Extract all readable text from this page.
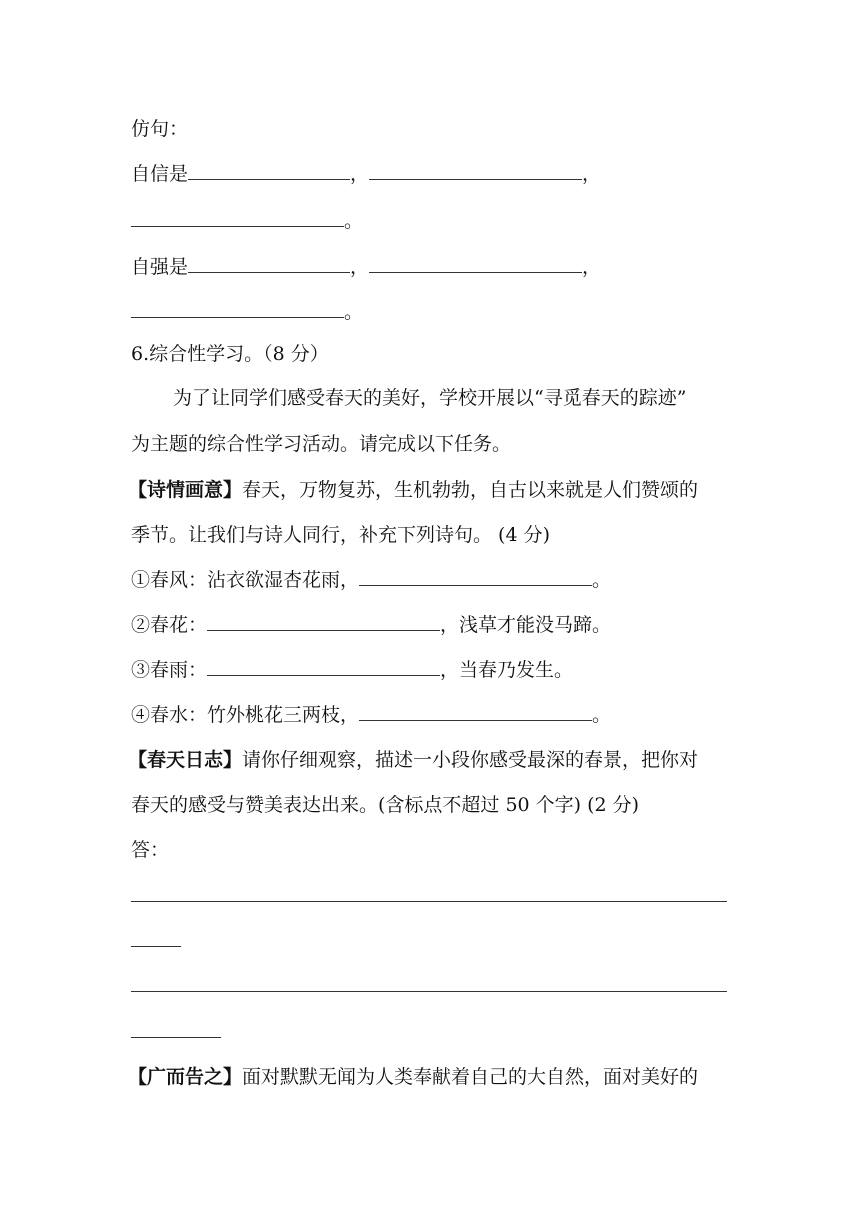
仿句：
自信是	，	，
。
自强是	，	，
。
6.综合性学习。（8 分）
为了让同学们感受春天的美好，学校开展以“寻觅春天的踪迹”
为主题的综合性学习活动。请完成以下任务。
【诗情画意】春天，万物复苏，生机勃勃，自古以来就是人们赞颂的
季节。让我们与诗人同行，补充下列诗句。 (4 分)
①春风：沾衣欲湿杏花雨，	。
②春花：	，浅草才能没马蹄。
③春雨：	，当春乃发生。
④春水：竹外桃花三两枝，	。
【春天日志】请你仔细观察，描述一小段你感受最深的春景，把你对
春天的感受与赞美表达出来。(含标点不超过 50 个字) (2 分)
答：
【广而告之】面对默默无闻为人类奉献着自己的大自然，面对美好的
